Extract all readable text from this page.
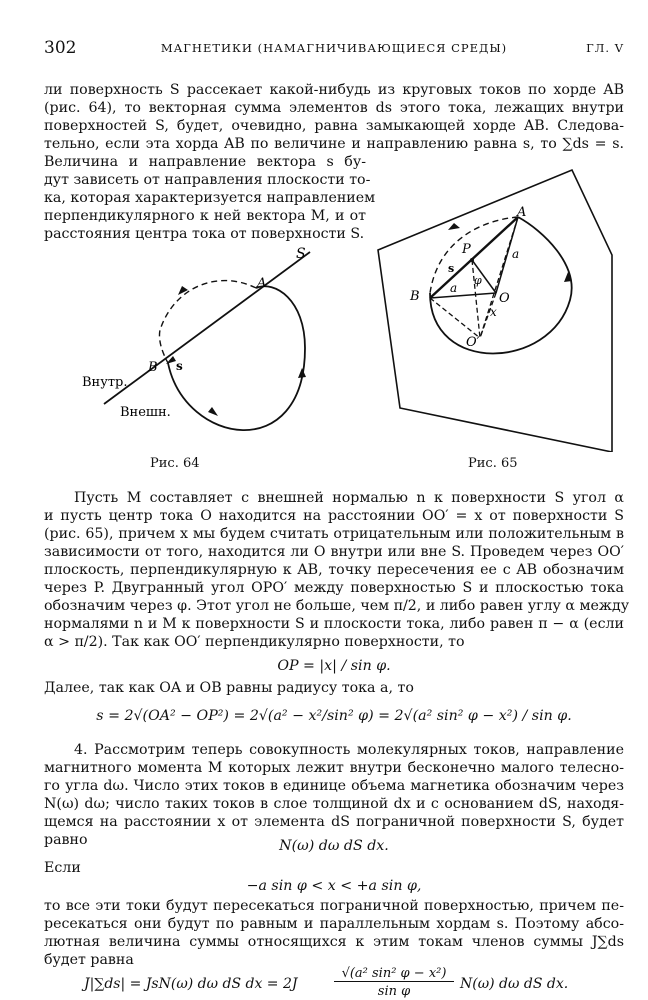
302	МАГНЕТИКИ (НАМАГНИЧИВАЮЩИЕСЯ СРЕДЫ)	ГЛ. V
ли поверхность S рассекает какой-нибудь из круговых токов по хорде AB
(рис. 64), то векторная сумма элементов ds этого тока, лежащих внутри
поверхностей S, будет, очевидно, равна замыкающей хорде AB. Следова-
тельно, если эта хорда AB по величине и направлению равна s, то ∑ds = s.
Величина и направление вектора s бу-
дут зависеть от направления плоскости то-
ка, которая характеризуется направлением
перпендикулярного к ней вектора M, и от
расстояния центра тока от поверхности S.
S
A
B s
Внутр.
Внешн.
Рис. 64
A
P
B	O
O′
s
a
a
φ
x
Рис. 65
Пусть M составляет с внешней нормалью n к поверхности S угол α
и пусть центр тока O находится на расстоянии OO′ = x от поверхности S
(рис. 65), причем x мы будем считать отрицательным или положительным в
зависимости от того, находится ли O внутри или вне S. Проведем через OO′
плоскость, перпендикулярную к AB, точку пересечения ее с AB обозначим
через P. Двугранный угол OPO′ между поверхностью S и плоскостью тока
обозначим через φ. Этот угол не больше, чем π/2, и либо равен углу α между
нормалями n и M к поверхности S и плоскости тока, либо равен π − α (если
α > π/2). Так как OO′ перпендикулярно поверхности, то
OP = |x| / sin φ.
Далее, так как OA и OB равны радиусу тока a, то
s = 2√(OA² − OP²) = 2√(a² − x²/sin² φ) = 2√(a² sin² φ − x²) / sin φ.
4. Рассмотрим теперь совокупность молекулярных токов, направление
магнитного момента M которых лежит внутри бесконечно малого телесно-
го угла dω. Число этих токов в единице объема магнетика обозначим через
N(ω) dω; число таких токов в слое толщиной dx и с основанием dS, находя-
щемся на расстоянии x от элемента dS пограничной поверхности S, будет
равно	N(ω) dω dS dx.
Если
−a sin φ < x < +a sin φ,
то все эти токи будут пересекаться пограничной поверхностью, причем пе-
ресекаться они будут по равным и параллельным хордам s. Поэтому абсо-
лютная величина суммы относящихся к этим токам членов суммы J∑ds
будет равна
J|∑ds| = JsN(ω) dω dS dx = 2J
√(a² sin² φ − x²)
sin φ	N(ω) dω dS dx.
